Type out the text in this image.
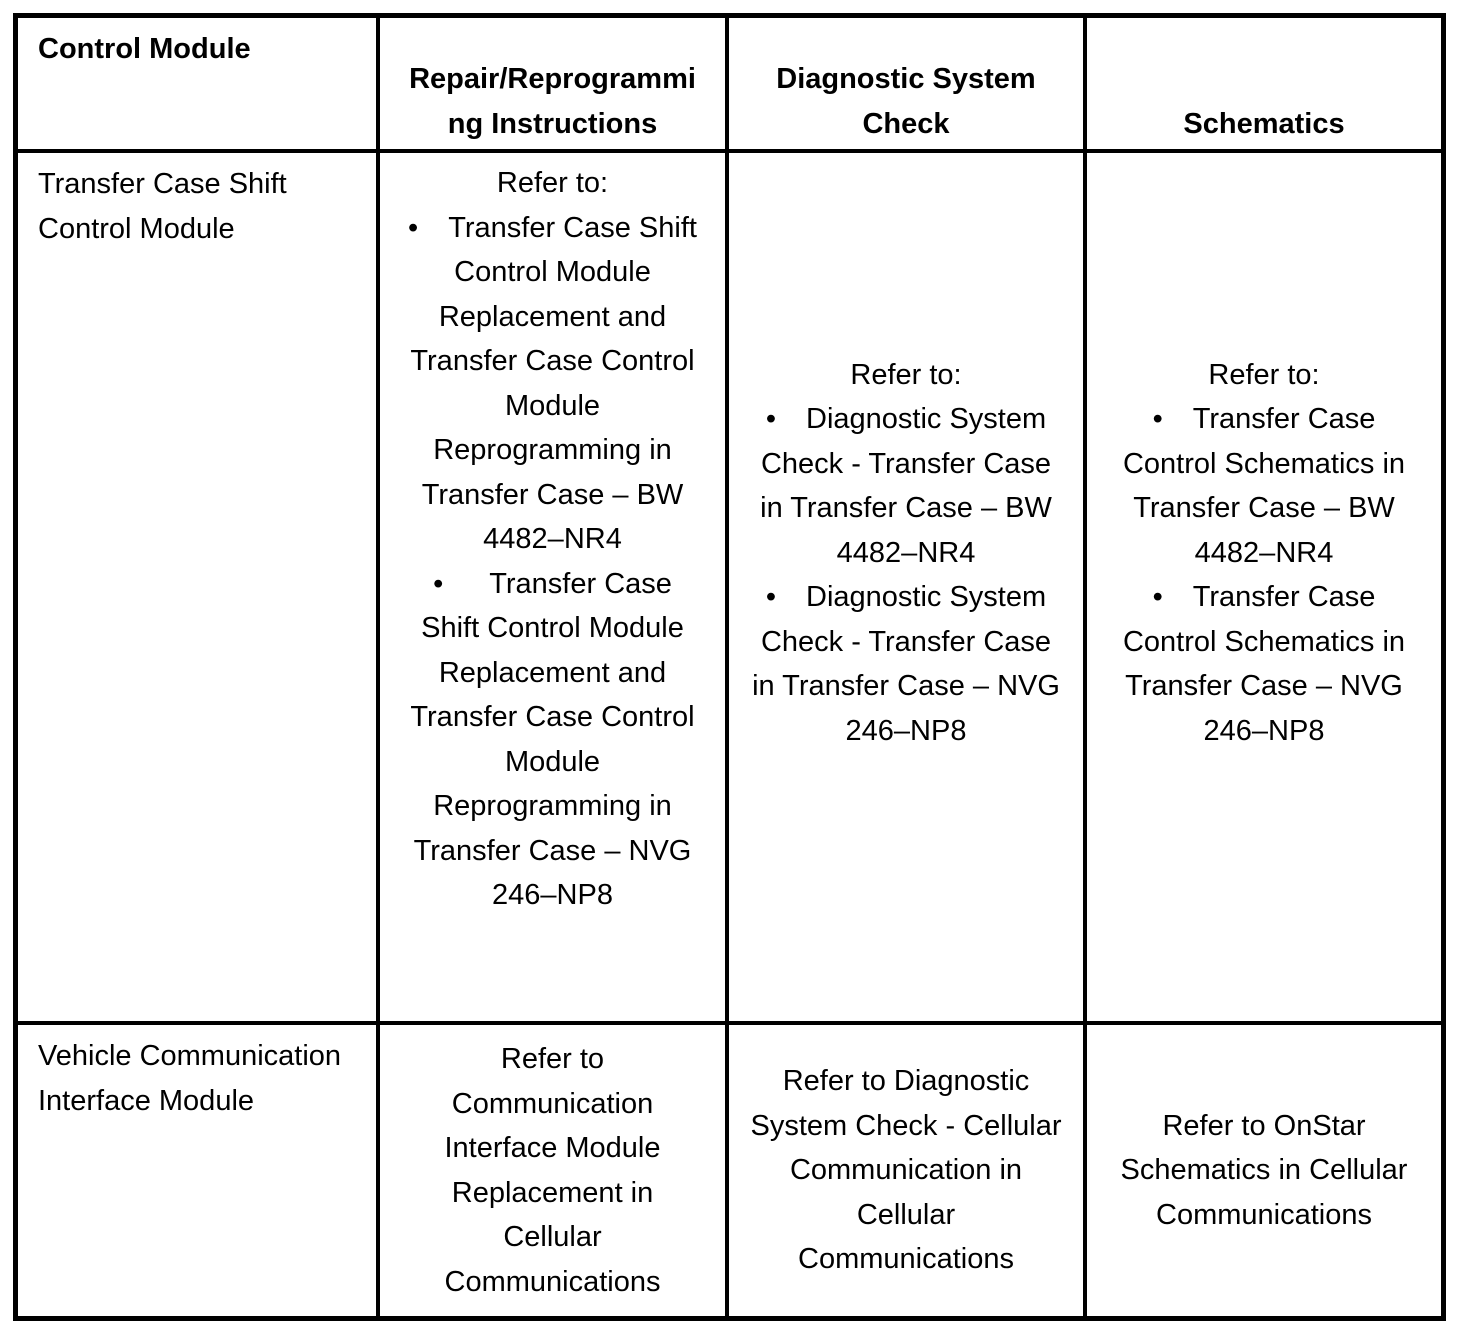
Control Module
Repair/Reprogramming Instructions
Diagnostic System Check	Schematics
Transfer Case Shift Control Module
Refer to:
• Transfer Case Shift Control Module Replacement and Transfer Case Control Module Reprogramming in Transfer Case – BW 4482–NR4
• Transfer Case Shift Control Module Replacement and Transfer Case Control Module Reprogramming in Transfer Case – NVG 246–NP8
Refer to:
• Diagnostic System Check - Transfer Case in Transfer Case – BW 4482–NR4
• Diagnostic System Check - Transfer Case in Transfer Case – NVG 246–NP8
Refer to:
• Transfer Case Control Schematics in Transfer Case – BW 4482–NR4
• Transfer Case Control Schematics in Transfer Case – NVG 246–NP8
Vehicle Communication Interface Module
Refer to Communication Interface Module Replacement in Cellular Communications
Refer to Diagnostic System Check - Cellular Communication in Cellular Communications
Refer to OnStar Schematics in Cellular Communications
